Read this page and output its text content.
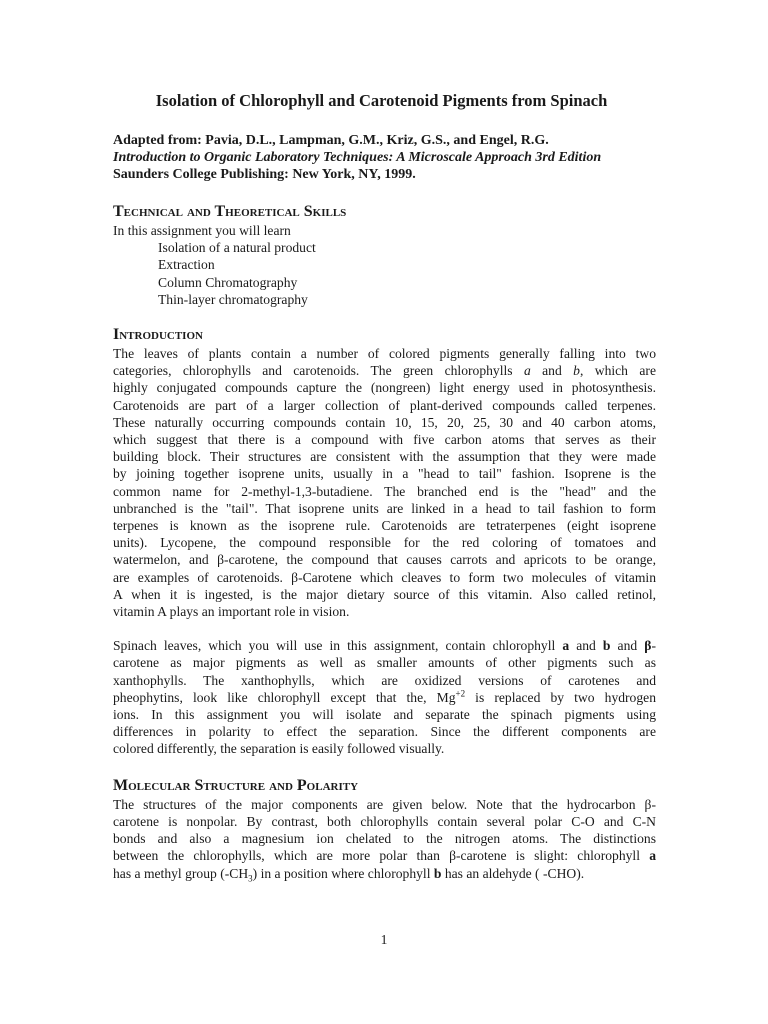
Isolation of Chlorophyll and Carotenoid Pigments from Spinach

Adapted from: Pavia, D.L., Lampman, G.M., Kriz, G.S., and Engel, R.G.

Introduction to Organic Laboratory Techniques: A Microscale Approach 3rd Edition

Saunders College Publishing: New York, NY, 1999.

Technical and Theoretical Skills

In this assignment you will learn

Isolation of a natural product
Extraction
Column Chromatography
Thin-layer chromatography
Introduction
The leaves of plants contain a number of colored pigments generally falling into two
categories, chlorophylls and carotenoids. The green chlorophylls a and b, which are
highly conjugated compounds capture the (nongreen) light energy used in photosynthesis.
Carotenoids are part of a larger collection of plant-derived compounds called terpenes.
These naturally occurring compounds contain 10, 15, 20, 25, 30 and 40 carbon atoms,
which suggest that there is a compound with five carbon atoms that serves as their
building block. Their structures are consistent with the assumption that they were made
by joining together isoprene units, usually in a "head to tail" fashion. Isoprene is the
common name for 2-methyl-1,3-butadiene. The branched end is the "head" and the
unbranched is the "tail". That isoprene units are linked in a head to tail fashion to form
terpenes is known as the isoprene rule. Carotenoids are tetraterpenes (eight isoprene
units). Lycopene, the compound responsible for the red coloring of tomatoes and
watermelon, and β-carotene, the compound that causes carrots and apricots to be orange,
are examples of carotenoids. β-Carotene which cleaves to form two molecules of vitamin
A when it is ingested, is the major dietary source of this vitamin. Also called retinol,
vitamin A plays an important role in vision.
Spinach leaves, which you will use in this assignment, contain chlorophyll a and b and β-
carotene as major pigments as well as smaller amounts of other pigments such as
xanthophylls. The xanthophylls, which are oxidized versions of carotenes and
pheophytins, look like chlorophyll except that the, $Mg^{+2}$ is replaced by two hydrogen
ions. In this assignment you will isolate and separate the spinach pigments using
differences in polarity to effect the separation. Since the different components are
colored differently, the separation is easily followed visually.
Molecular Structure and Polarity
The structures of the major components are given below. Note that the hydrocarbon β-
carotene is nonpolar. By contrast, both chlorophylls contain several polar C-O and C-N
bonds and also a magnesium ion chelated to the nitrogen atoms. The distinctions
between the chlorophylls, which are more polar than β-carotene is slight: chlorophyll a
has a methyl group $(-CH_3)$ in a position where chlorophyll b has an aldehyde ( -CHO).
1
